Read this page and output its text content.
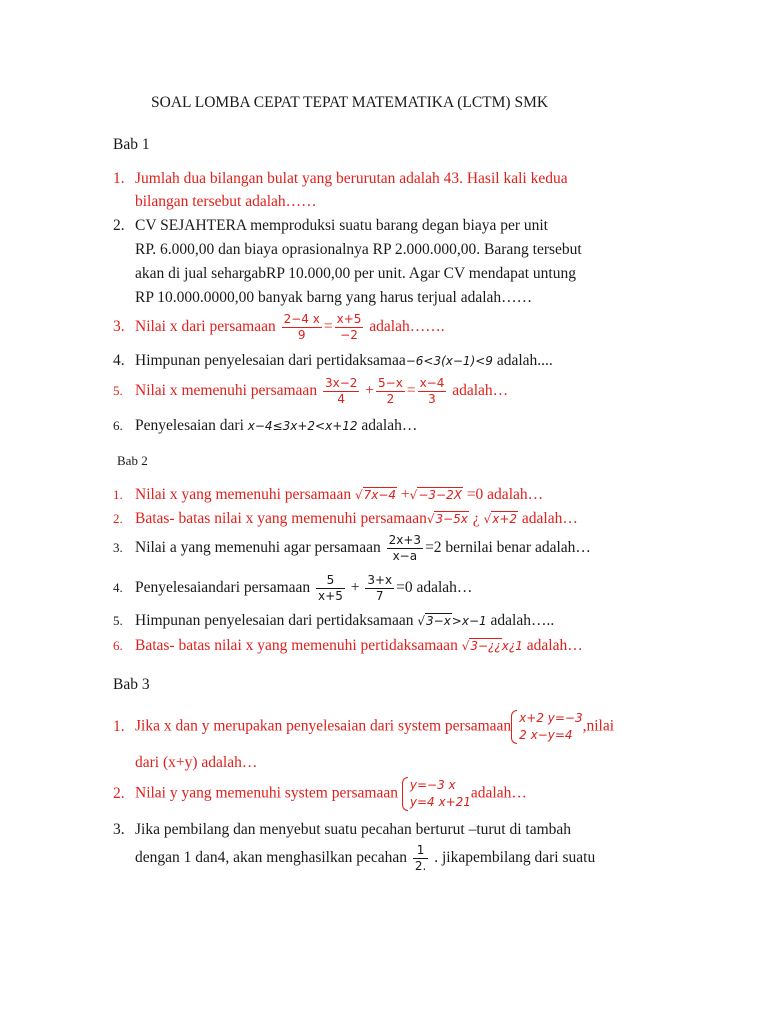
SOAL LOMBA CEPAT TEPAT MATEMATIKA (LCTM) SMK
Bab 1
1. Jumlah dua bilangan bulat yang berurutan adalah 43. Hasil kali kedua
bilangan tersebut adalah……
2. CV SEJAHTERA memproduksi suatu barang degan biaya per unit
RP. 6.000,00 dan biaya oprasionalnya RP 2.000.000,00. Barang tersebut
akan di jual sehargabRP 10.000,00 per unit. Agar CV mendapat untung
RP 10.000.0000,00 banyak barng yang harus terjual adalah……
3. Nilai x dari persamaan $\frac{2-4 x}{9} = \frac{x+5}{-2}$ adalah…….
4. Himpunan penyelesaian dari pertidaksamaa−6<3(x−1)<9 adalah....
5. Nilai x memenuhi persamaan $\frac{3x-2}{4} + \frac{5-x}{2} = \frac{x-4}{3}$ adalah…
6. Penyelesaian dari x−4≤3x+2<x+12 adalah…
Bab 2
1. Nilai x yang memenuhi persamaan √7x−4 +√−3−2X =0 adalah…
2. Batas- batas nilai x yang memenuhi persamaan√3−5x ¿ √x+2 adalah…
3. Nilai a yang memenuhi agar persamaan $\frac{2x+3}{x-a} =2$ bernilai benar adalah…
4. Penyelesaiandari persamaan $\frac{5}{x+5} + \frac{3+x}{7} =0$ adalah…
5. Himpunan penyelesaian dari pertidaksamaan √3−x>x−1 adalah…..
6. Batas- batas nilai x yang memenuhi pertidaksamaan √3−¿¿x¿1 adalah…
Bab 3
1. Jika x dan y merupakan penyelesaian dari system persamaan x+2 y=−3
2 x−y=4
,nilai
dari (x+y) adalah…
2. Nilai y yang memenuhi system persamaan y=−3 x
y=4 x+21
adalah…
3. Jika pembilang dan menyebut suatu pecahan berturut –turut di tambah
dengan 1 dan4, akan menghasilkan pecahan $\frac{1}{2.}$ . jikapembilang dari suatu
